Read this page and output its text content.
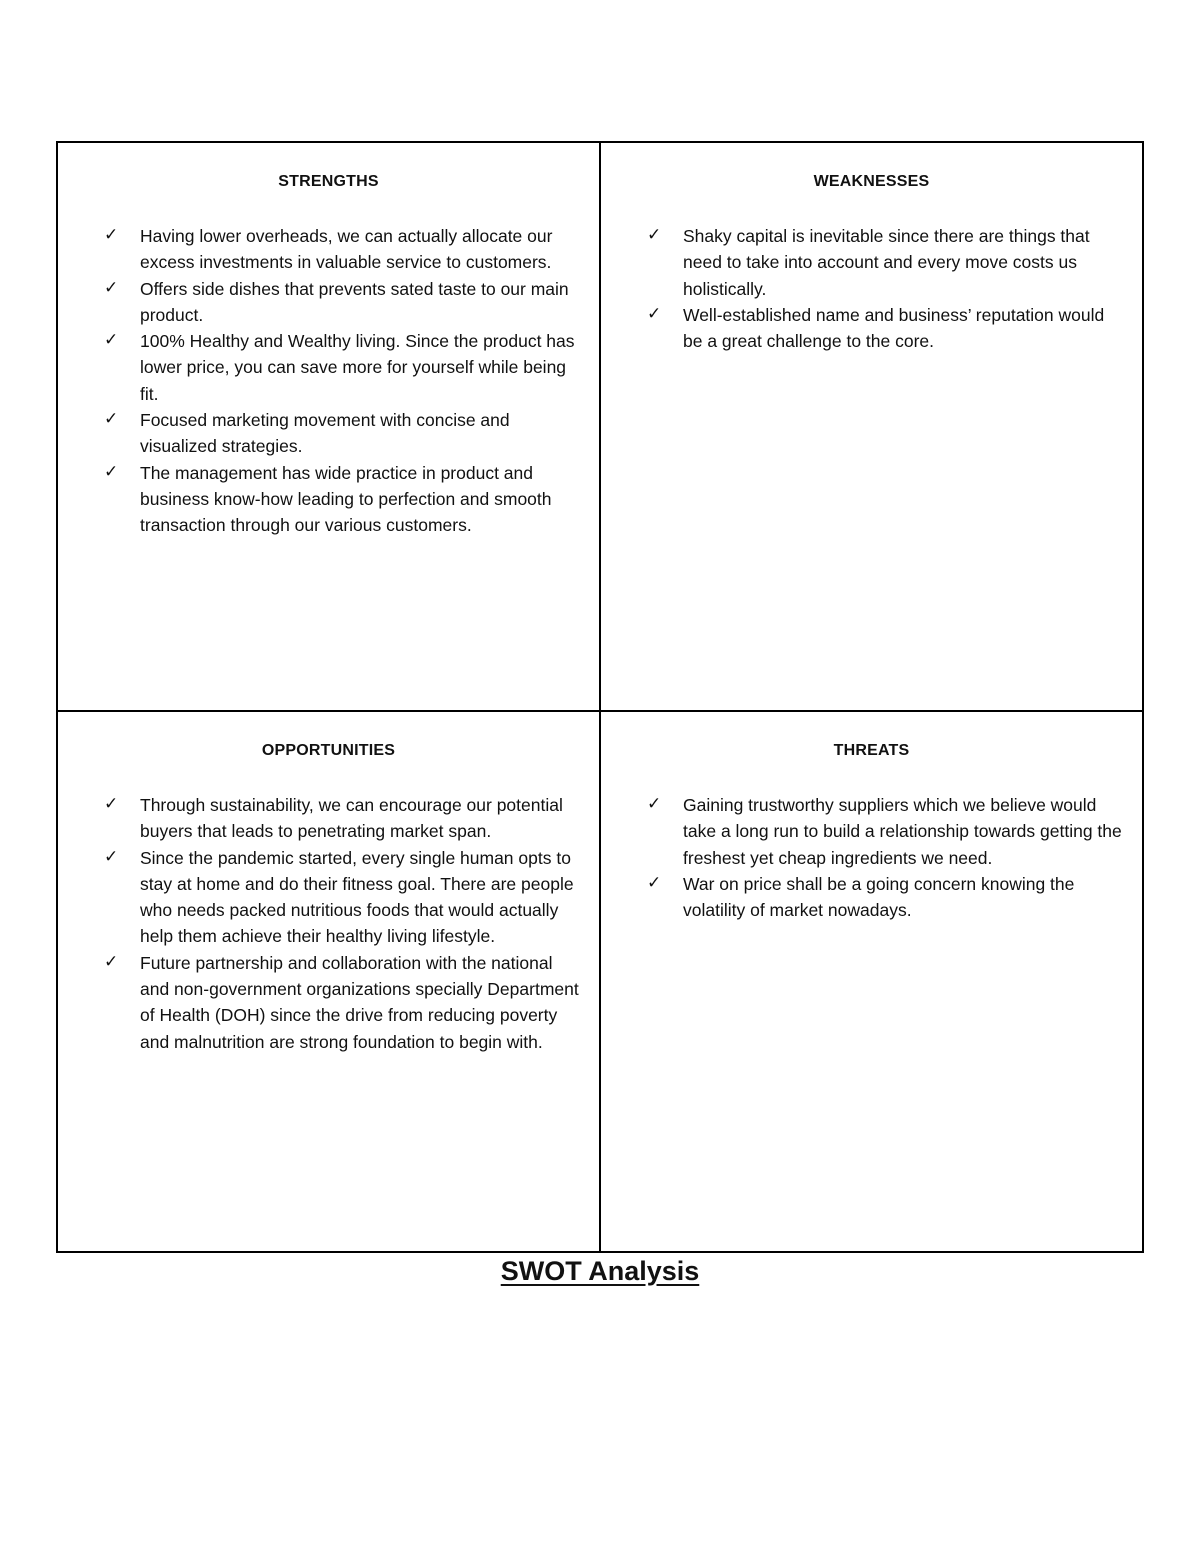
STRENGTHS
✓ Having lower overheads, we can actually allocate our excess investments in valuable service to customers.
✓ Offers side dishes that prevents sated taste to our main product.
✓ 100% Healthy and Wealthy living. Since the product has lower price, you can save more for yourself while being fit.
✓ Focused marketing movement with concise and visualized strategies.
✓ The management has wide practice in product and business know-how leading to perfection and smooth transaction through our various customers.
WEAKNESSES
✓ Shaky capital is inevitable since there are things that need to take into account and every move costs us holistically.
✓ Well-established name and business’ reputation would be a great challenge to the core.
OPPORTUNITIES
✓ Through sustainability, we can encourage our potential buyers that leads to penetrating market span.
✓ Since the pandemic started, every single human opts to stay at home and do their fitness goal. There are people who needs packed nutritious foods that would actually help them achieve their healthy living lifestyle.
✓ Future partnership and collaboration with the national and non-government organizations specially Department of Health (DOH) since the drive from reducing poverty and malnutrition are strong foundation to begin with.
THREATS
✓ Gaining trustworthy suppliers which we believe would take a long run to build a relationship towards getting the freshest yet cheap ingredients we need.
✓ War on price shall be a going concern knowing the volatility of market nowadays.
SWOT Analysis
